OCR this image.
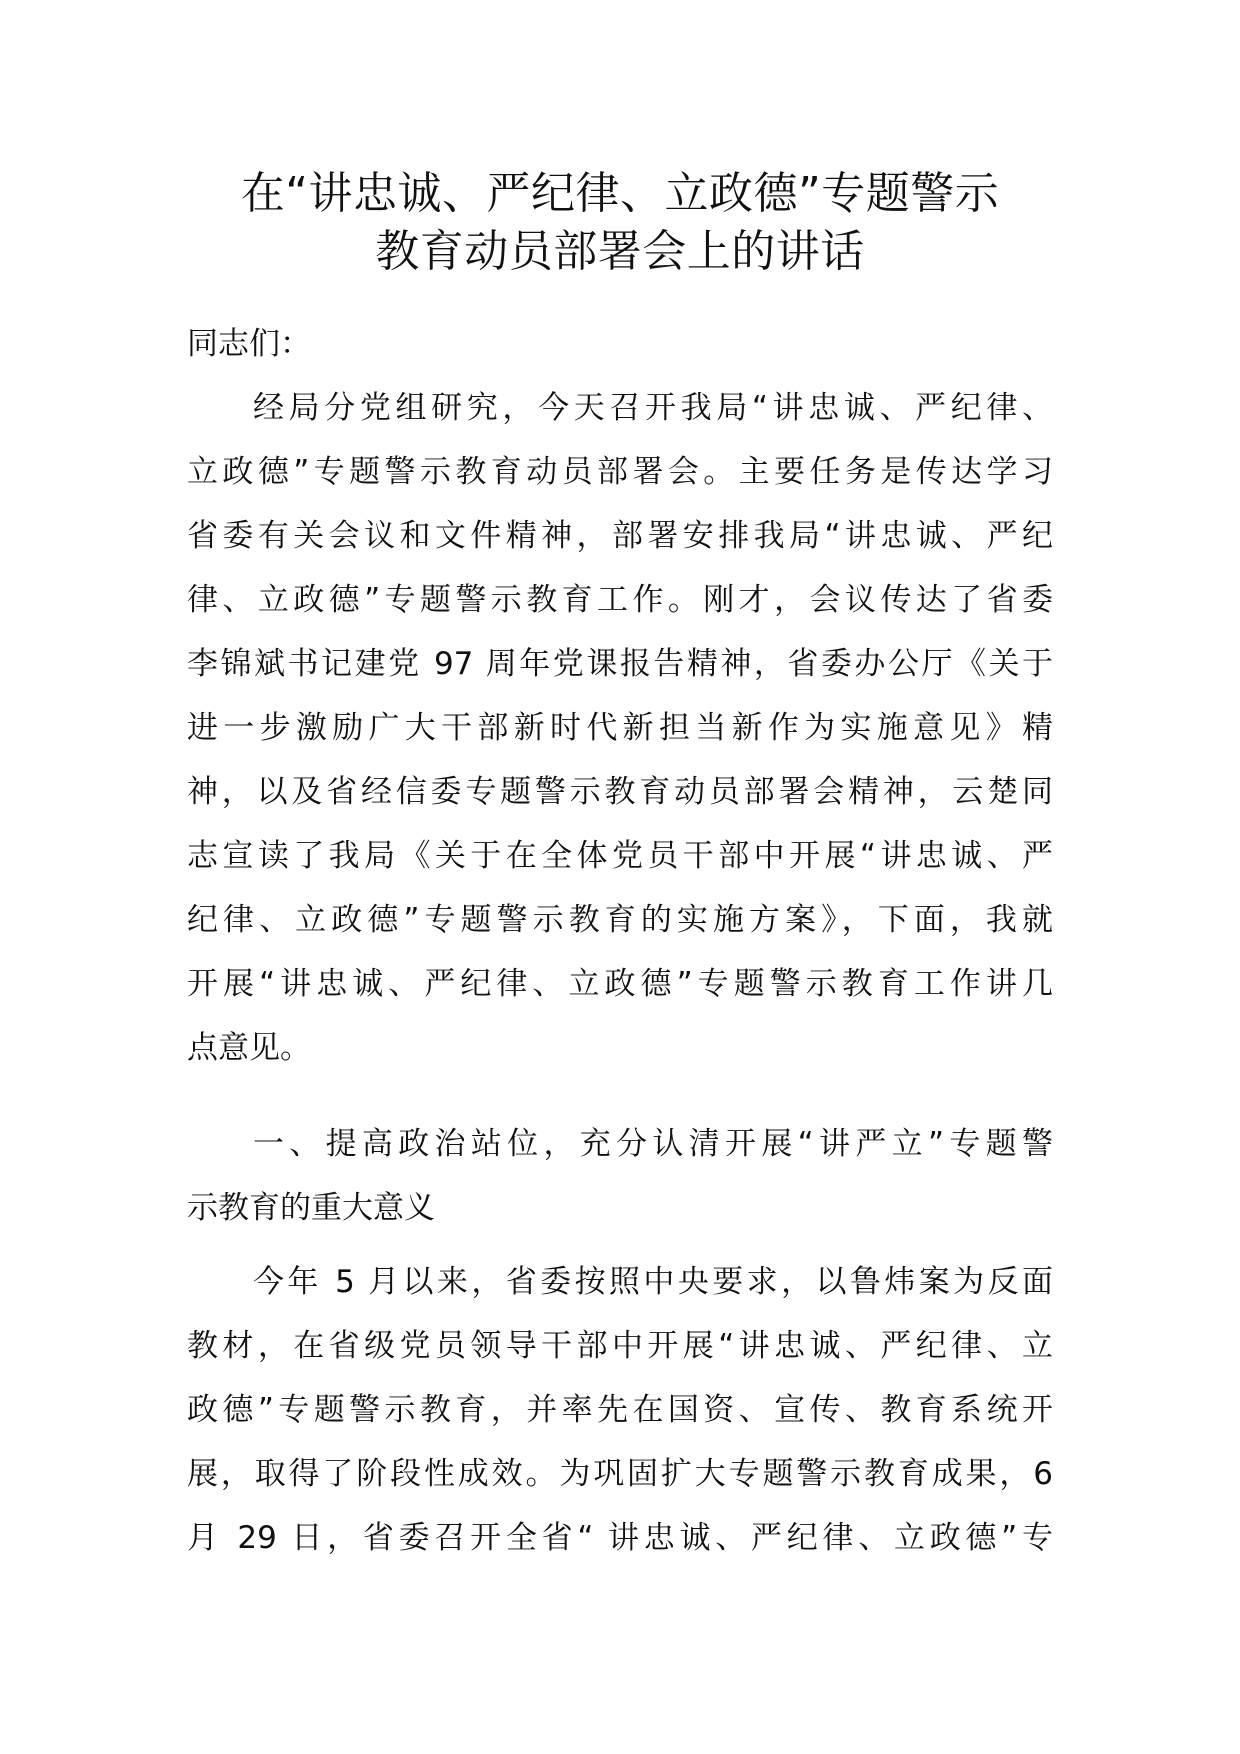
在“讲忠诚、严纪律、立政德”专题警示
教育动员部署会上的讲话
同志们：
经局分党组研究，今天召开我局“讲忠诚、严纪律、
立政德”专题警示教育动员部署会。主要任务是传达学习
省委有关会议和文件精神，部署安排我局“讲忠诚、严纪
律、立政德”专题警示教育工作。刚才，会议传达了省委
李锦斌书记建党 97 周年党课报告精神，省委办公厅《关于
进一步激励广大干部新时代新担当新作为实施意见》精
神，以及省经信委专题警示教育动员部署会精神，云楚同
志宣读了我局《关于在全体党员干部中开展“讲忠诚、严
纪律、立政德”专题警示教育的实施方案》，下面，我就
开展“讲忠诚、严纪律、立政德”专题警示教育工作讲几
点意见。
一、提高政治站位，充分认清开展“讲严立”专题警
示教育的重大意义
今年 5 月以来，省委按照中央要求，以鲁炜案为反面
教材，在省级党员领导干部中开展“讲忠诚、严纪律、立
政德”专题警示教育，并率先在国资、宣传、教育系统开
展，取得了阶段性成效。为巩固扩大专题警示教育成果，6
月 29 日，省委召开全省“ 讲忠诚、严纪律、立政德”专
